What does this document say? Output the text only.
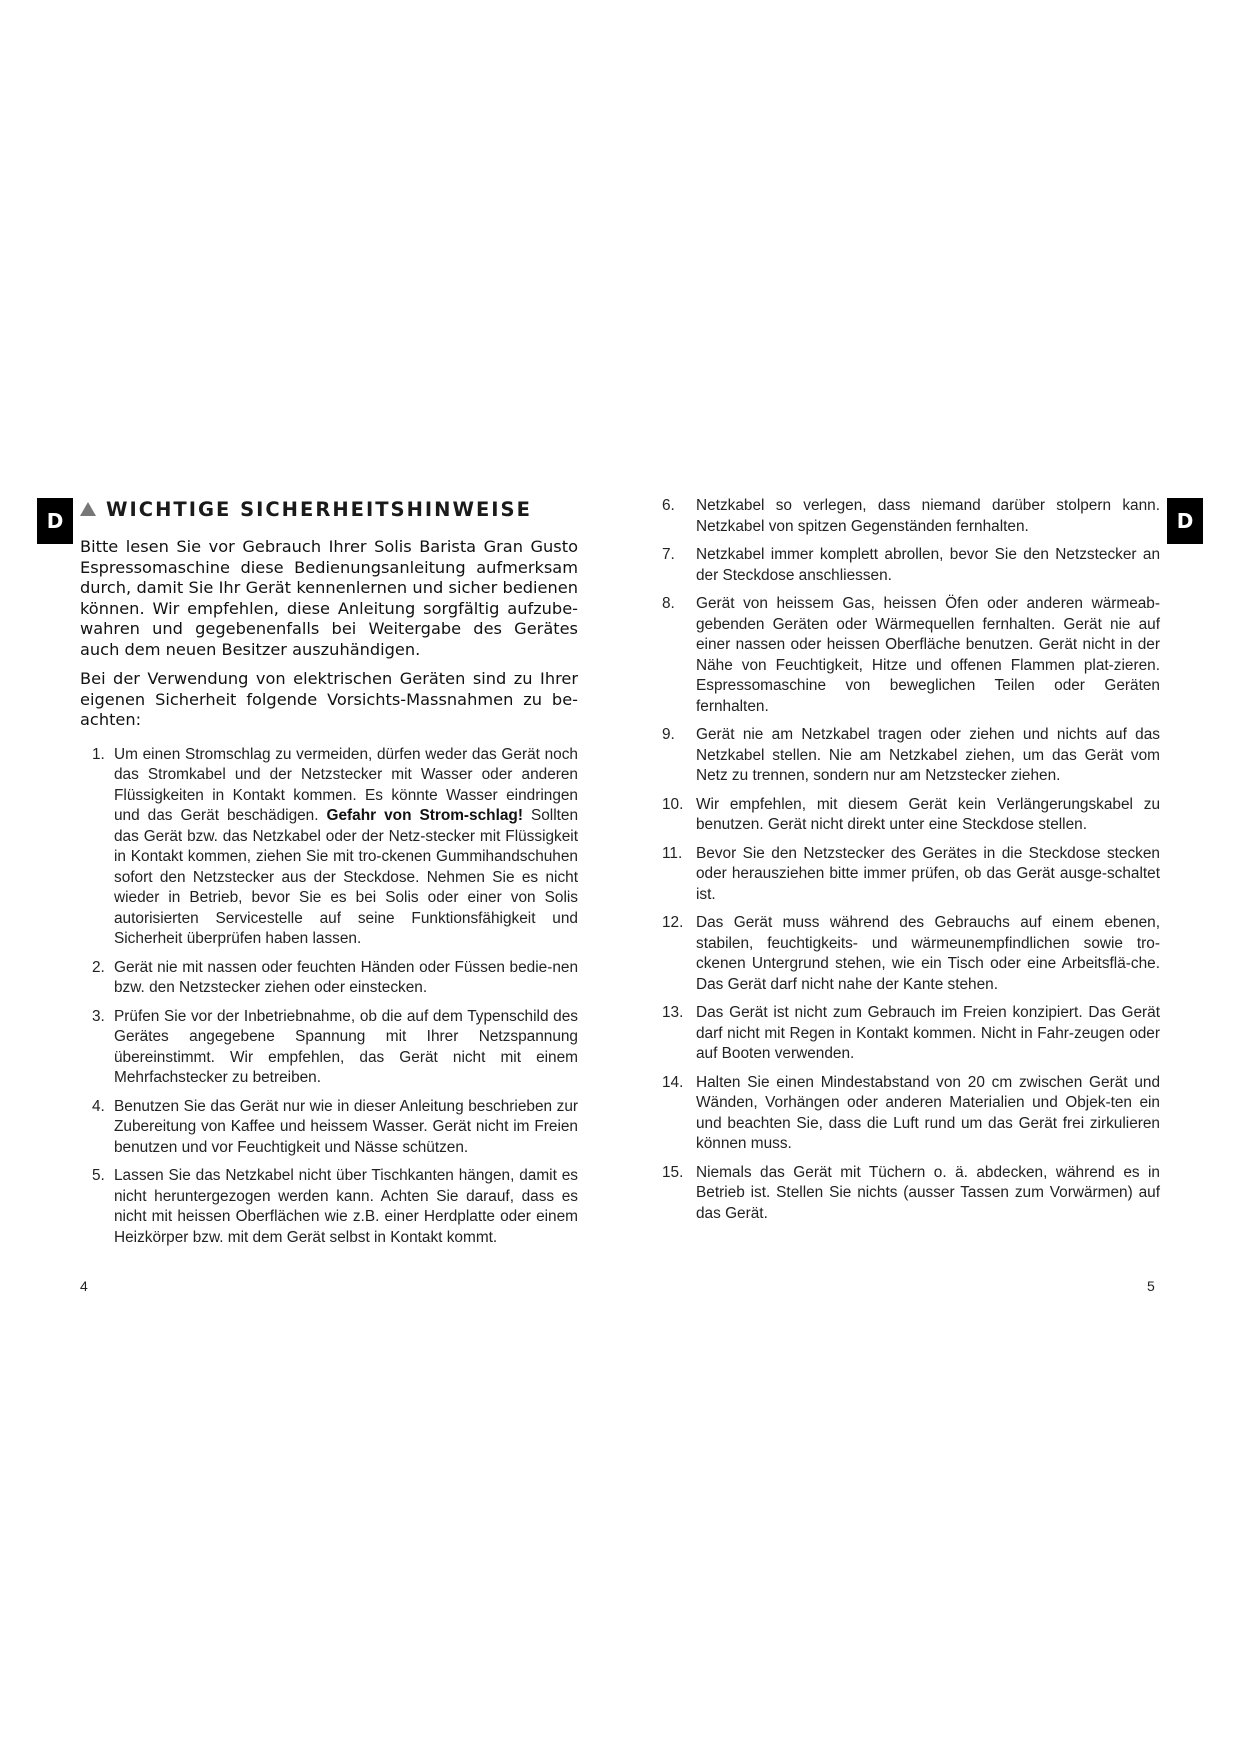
D	D
WICHTIGE SICHERHEITSHINWEISE

Bitte lesen Sie vor Gebrauch Ihrer Solis Barista Gran Gusto Espressomaschine diese Bedienungsanleitung aufmerksam durch, damit Sie Ihr Gerät kennenlernen und sicher bedienen können. Wir empfehlen, diese Anleitung sorgfältig aufzube-wahren und gegebenenfalls bei Weitergabe des Gerätes auch dem neuen Besitzer auszuhändigen.

Bei der Verwendung von elektrischen Geräten sind zu Ihrer eigenen Sicherheit folgende Vorsichts-Massnahmen zu be-achten:

1. Um einen Stromschlag zu vermeiden, dürfen weder das Gerät noch das Stromkabel und der Netzstecker mit Wasser oder anderen Flüssigkeiten in Kontakt kommen. Es könnte Wasser eindringen und das Gerät beschädigen. Gefahr von Strom-schlag! Sollten das Gerät bzw. das Netzkabel oder der Netz-stecker mit Flüssigkeit in Kontakt kommen, ziehen Sie mit tro-ckenen Gummihandschuhen sofort den Netzstecker aus der Steckdose. Nehmen Sie es nicht wieder in Betrieb, bevor Sie es bei Solis oder einer von Solis autorisierten Servicestelle auf seine Funktionsfähigkeit und Sicherheit überprüfen haben lassen.
2. Gerät nie mit nassen oder feuchten Händen oder Füssen bedie-nen bzw. den Netzstecker ziehen oder einstecken.
3. Prüfen Sie vor der Inbetriebnahme, ob die auf dem Typenschild des Gerätes angegebene Spannung mit Ihrer Netzspannung übereinstimmt. Wir empfehlen, das Gerät nicht mit einem Mehrfachstecker zu betreiben.
4. Benutzen Sie das Gerät nur wie in dieser Anleitung beschrieben zur Zubereitung von Kaffee und heissem Wasser. Gerät nicht im Freien benutzen und vor Feuchtigkeit und Nässe schützen.
5. Lassen Sie das Netzkabel nicht über Tischkanten hängen, damit es nicht heruntergezogen werden kann. Achten Sie darauf, dass es nicht mit heissen Oberflächen wie z.B. einer Herdplatte oder einem Heizkörper bzw. mit dem Gerät selbst in Kontakt kommt.
6. Netzkabel so verlegen, dass niemand darüber stolpern kann. Netzkabel von spitzen Gegenständen fernhalten.
7. Netzkabel immer komplett abrollen, bevor Sie den Netzstecker an der Steckdose anschliessen.
8. Gerät von heissem Gas, heissen Öfen oder anderen wärmeab-gebenden Geräten oder Wärmequellen fernhalten. Gerät nie auf einer nassen oder heissen Oberfläche benutzen. Gerät nicht in der Nähe von Feuchtigkeit, Hitze und offenen Flammen plat-zieren. Espressomaschine von beweglichen Teilen oder Geräten fernhalten.
9. Gerät nie am Netzkabel tragen oder ziehen und nichts auf das Netzkabel stellen. Nie am Netzkabel ziehen, um das Gerät vom Netz zu trennen, sondern nur am Netzstecker ziehen.
10. Wir empfehlen, mit diesem Gerät kein Verlängerungskabel zu benutzen. Gerät nicht direkt unter eine Steckdose stellen.
11. Bevor Sie den Netzstecker des Gerätes in die Steckdose stecken oder herausziehen bitte immer prüfen, ob das Gerät ausge-schaltet ist.
12. Das Gerät muss während des Gebrauchs auf einem ebenen, stabilen, feuchtigkeits- und wärmeunempfindlichen sowie tro-ckenen Untergrund stehen, wie ein Tisch oder eine Arbeitsflä-che. Das Gerät darf nicht nahe der Kante stehen.
13. Das Gerät ist nicht zum Gebrauch im Freien konzipiert. Das Gerät darf nicht mit Regen in Kontakt kommen. Nicht in Fahr-zeugen oder auf Booten verwenden.
14. Halten Sie einen Mindestabstand von 20 cm zwischen Gerät und Wänden, Vorhängen oder anderen Materialien und Objek-ten ein und beachten Sie, dass die Luft rund um das Gerät frei zirkulieren können muss.
15. Niemals das Gerät mit Tüchern o. ä. abdecken, während es in Betrieb ist. Stellen Sie nichts (ausser Tassen zum Vorwärmen) auf das Gerät.
4	5
